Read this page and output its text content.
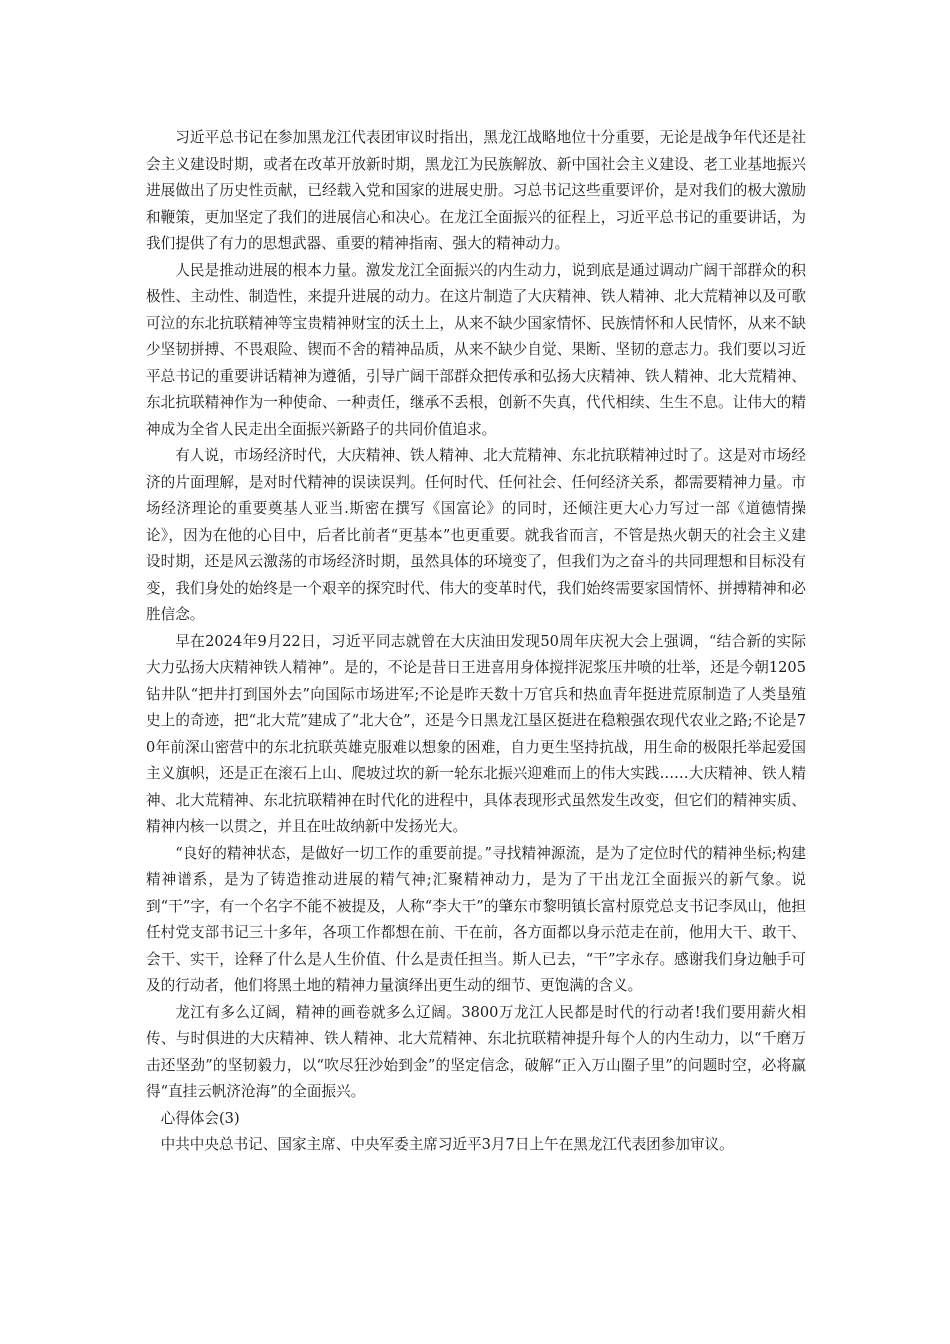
习近平总书记在参加黑龙江代表团审议时指出，黑龙江战略地位十分重要，无论是战争年代还是社会主义建设时期，或者在改革开放新时期，黑龙江为民族解放、新中国社会主义建设、老工业基地振兴进展做出了历史性贡献，已经载入党和国家的进展史册。习总书记这些重要评价，是对我们的极大激励和鞭策，更加坚定了我们的进展信心和决心。在龙江全面振兴的征程上，习近平总书记的重要讲话，为我们提供了有力的思想武器、重要的精神指南、强大的精神动力。

人民是推动进展的根本力量。激发龙江全面振兴的内生动力，说到底是通过调动广阔干部群众的积极性、主动性、制造性，来提升进展的动力。在这片制造了大庆精神、铁人精神、北大荒精神以及可歌可泣的东北抗联精神等宝贵精神财宝的沃土上，从来不缺少国家情怀、民族情怀和人民情怀，从来不缺少坚韧拼搏、不畏艰险、锲而不舍的精神品质，从来不缺少自觉、果断、坚韧的意志力。我们要以习近平总书记的重要讲话精神为遵循，引导广阔干部群众把传承和弘扬大庆精神、铁人精神、北大荒精神、东北抗联精神作为一种使命、一种责任，继承不丢根，创新不失真，代代相续、生生不息。让伟大的精神成为全省人民走出全面振兴新路子的共同价值追求。

有人说，市场经济时代，大庆精神、铁人精神、北大荒精神、东北抗联精神过时了。这是对市场经济的片面理解，是对时代精神的误读误判。任何时代、任何社会、任何经济关系，都需要精神力量。市场经济理论的重要奠基人亚当.斯密在撰写《国富论》的同时，还倾注更大心力写过一部《道德情操论》，因为在他的心目中，后者比前者“更基本”也更重要。就我省而言，不管是热火朝天的社会主义建设时期，还是风云激荡的市场经济时期，虽然具体的环境变了，但我们为之奋斗的共同理想和目标没有变，我们身处的始终是一个艰辛的探究时代、伟大的变革时代，我们始终需要家国情怀、拼搏精神和必胜信念。

早在2024年9月22日，习近平同志就曾在大庆油田发现50周年庆祝大会上强调，“结合新的实际大力弘扬大庆精神铁人精神”。是的，不论是昔日王进喜用身体搅拌泥浆压井喷的壮举，还是今朝1205钻井队“把井打到国外去”向国际市场进军;不论是昨天数十万官兵和热血青年挺进荒原制造了人类垦殖史上的奇迹，把“北大荒”建成了“北大仓”，还是今日黑龙江垦区挺进在稳粮强农现代农业之路;不论是70年前深山密营中的东北抗联英雄克服难以想象的困难，自力更生坚持抗战，用生命的极限托举起爱国主义旗帜，还是正在滚石上山、爬坡过坎的新一轮东北振兴迎难而上的伟大实践……大庆精神、铁人精神、北大荒精神、东北抗联精神在时代化的进程中，具体表现形式虽然发生改变，但它们的精神实质、精神内核一以贯之，并且在吐故纳新中发扬光大。

“良好的精神状态，是做好一切工作的重要前提。”寻找精神源流，是为了定位时代的精神坐标;构建精神谱系，是为了铸造推动进展的精气神;汇聚精神动力，是为了干出龙江全面振兴的新气象。说到“干”字，有一个名字不能不被提及，人称“李大干”的肇东市黎明镇长富村原党总支书记李凤山，他担任村党支部书记三十多年，各项工作都想在前、干在前，各方面都以身示范走在前，他用大干、敢干、会干、实干，诠释了什么是人生价值、什么是责任担当。斯人已去，“干”字永存。感谢我们身边触手可及的行动者，他们将黑土地的精神力量演绎出更生动的细节、更饱满的含义。

龙江有多么辽阔，精神的画卷就多么辽阔。3800万龙江人民都是时代的行动者!我们要用薪火相传、与时俱进的大庆精神、铁人精神、北大荒精神、东北抗联精神提升每个人的内生动力，以“千磨万击还坚劲”的坚韧毅力，以“吹尽狂沙始到金”的坚定信念，破解“正入万山圈子里”的问题时空，必将赢得“直挂云帆济沧海”的全面振兴。

心得体会(3)

中共中央总书记、国家主席、中央军委主席习近平3月7日上午在黑龙江代表团参加审议。
